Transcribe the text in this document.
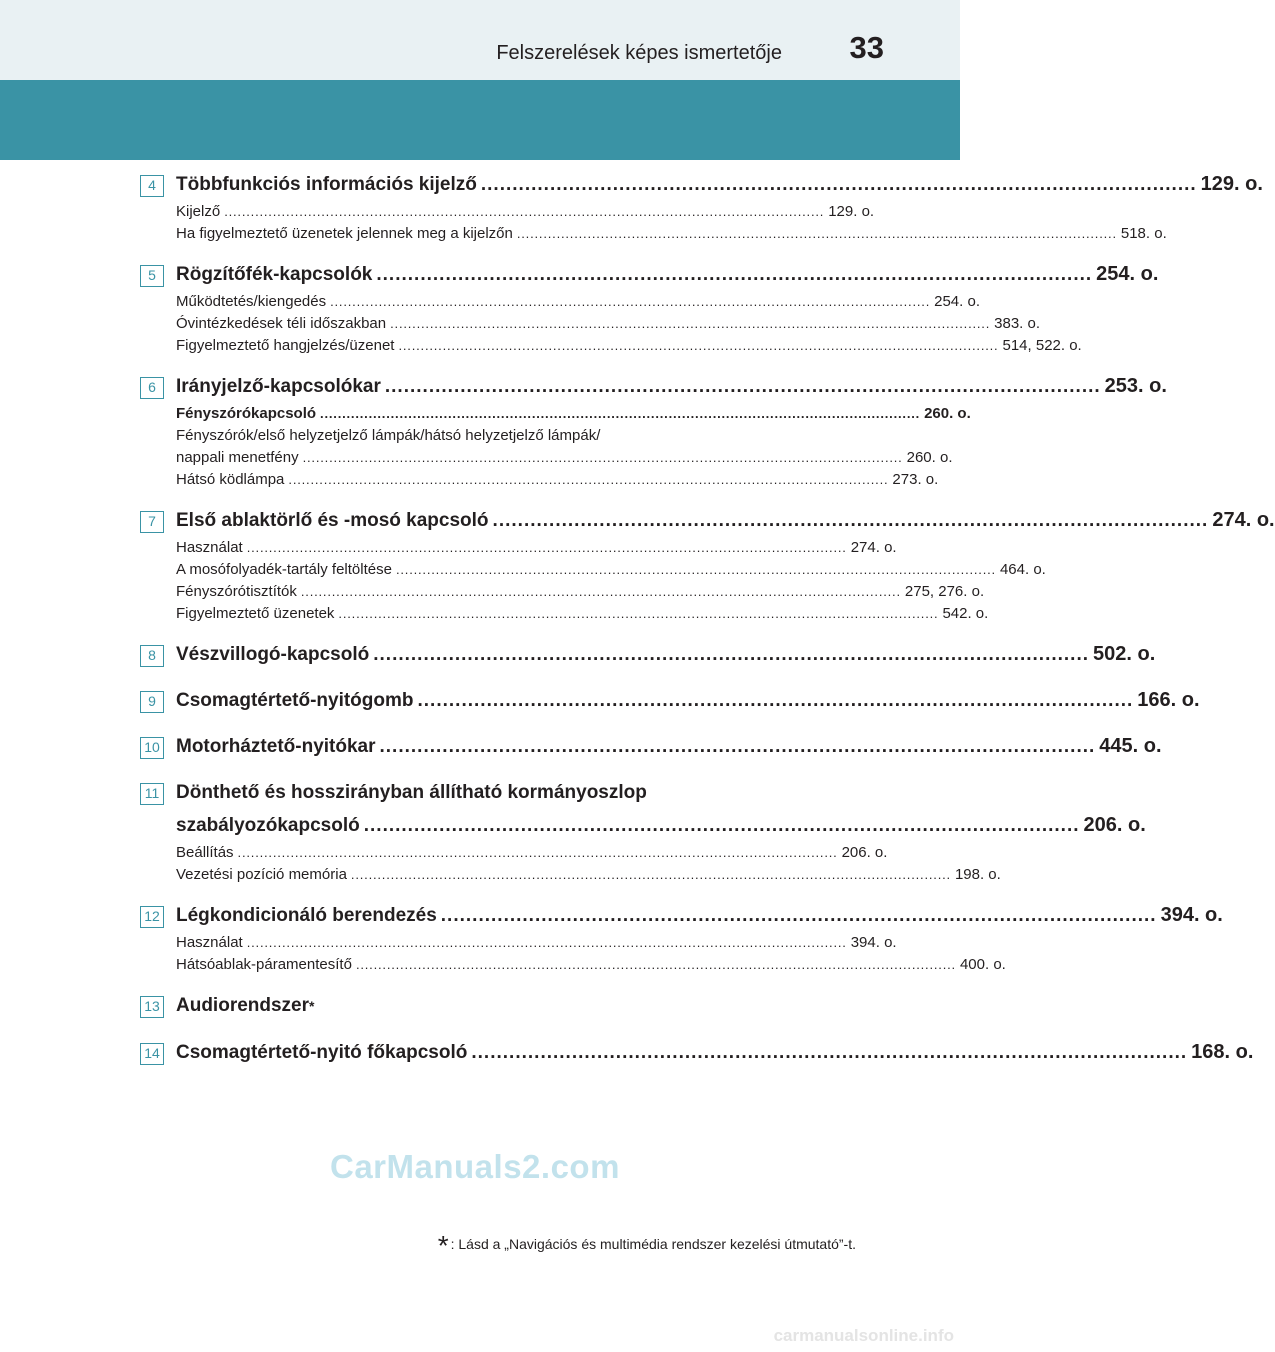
Felszerelések képes ismertetője 33
4	Többfunkciós információs kijelző .................................................................................................................. 129. o.
Kijelző ........................................................................................................................................ 129. o.
Ha figyelmeztető üzenetek jelennek meg a kijelzőn ........................................................................................................................................ 518. o.
5	Rögzítőfék-kapcsolók .................................................................................................................. 254. o.
Működtetés/kiengedés ........................................................................................................................................ 254. o.
Óvintézkedések téli időszakban ........................................................................................................................................ 383. o.
Figyelmeztető hangjelzés/üzenet ........................................................................................................................................ 514, 522. o.
6	Irányjelző-kapcsolókar .................................................................................................................. 253. o.
Fényszórókapcsoló ........................................................................................................................................ 260. o.
Fényszórók/első helyzetjelző lámpák/hátsó helyzetjelző lámpák/
nappali menetfény ........................................................................................................................................ 260. o.
Hátsó ködlámpa ........................................................................................................................................ 273. o.
7	Első ablaktörlő és -mosó kapcsoló .................................................................................................................. 274. o.
Használat ........................................................................................................................................ 274. o.
A mosófolyadék-tartály feltöltése ........................................................................................................................................ 464. o.
Fényszórótisztítók ........................................................................................................................................ 275, 276. o.
Figyelmeztető üzenetek ........................................................................................................................................ 542. o.
8	Vészvillogó-kapcsoló .................................................................................................................. 502. o.
9	Csomagtértető-nyitógomb .................................................................................................................. 166. o.
10 Motorháztető-nyitókar .................................................................................................................. 445. o.
11 Dönthető és hosszirányban állítható kormányoszlop
szabályozókapcsoló .................................................................................................................. 206. o.
Beállítás ........................................................................................................................................ 206. o.
Vezetési pozíció memória ........................................................................................................................................ 198. o.
12 Légkondicionáló berendezés .................................................................................................................. 394. o.
Használat ........................................................................................................................................ 394. o.
Hátsóablak-páramentesítő ........................................................................................................................................ 400. o.
13 Audiorendszer *
14 Csomagtértető-nyitó főkapcsoló .................................................................................................................. 168. o.
CarManuals2.com
* : Lásd a „Navigációs és multimédia rendszer kezelési útmutató”-t.
carmanualsonline.info
